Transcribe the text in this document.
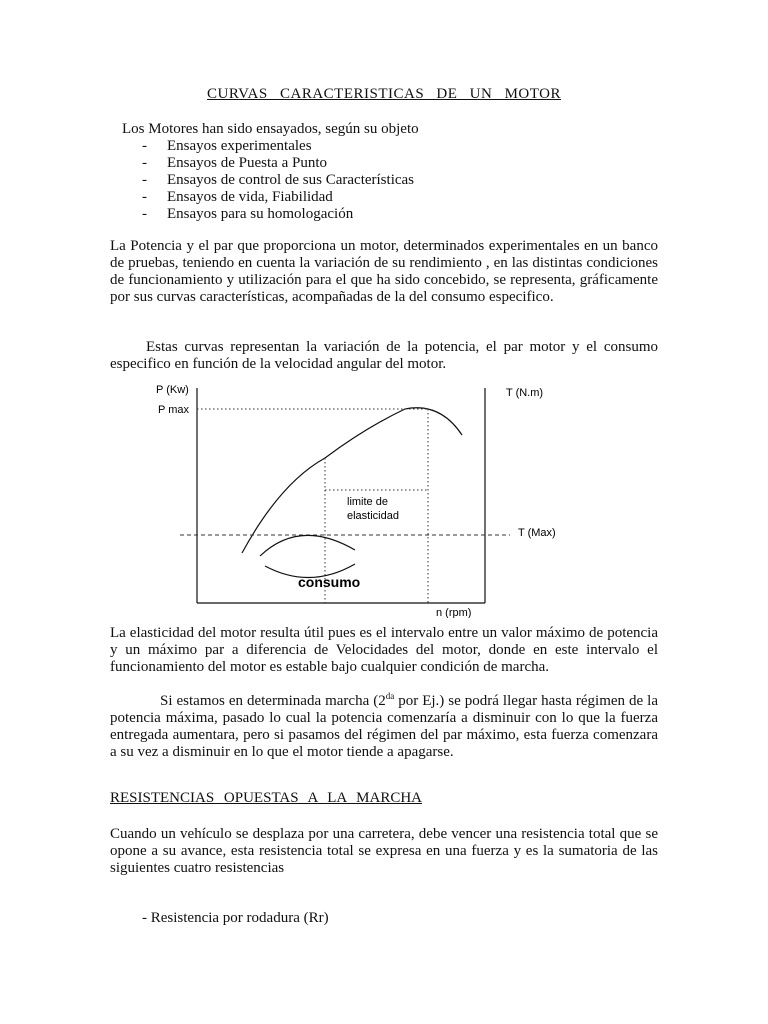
CURVAS CARACTERISTICAS DE UN MOTOR
Los Motores han sido ensayados, según su objeto
- Ensayos experimentales
- Ensayos de Puesta a Punto
- Ensayos de control de sus Características
- Ensayos de vida, Fiabilidad
- Ensayos para su homologación
La Potencia y el par que proporciona un motor, determinados experimentales en un banco de pruebas, teniendo en cuenta la variación de su rendimiento , en las distintas condiciones de funcionamiento y utilización para el que ha sido concebido, se representa, gráficamente por sus curvas características, acompañadas de la del consumo especifico.
Estas curvas representan la variación de la potencia, el par motor y el consumo especifico en función de la velocidad angular del motor.
P (Kw)
P max
T (N.m)
limite de
elasticidad
T (Max)
consumo
n (rpm)
La elasticidad del motor resulta útil pues es el intervalo entre un valor máximo de potencia y un máximo par a diferencia de Velocidades del motor, donde en este intervalo el funcionamiento del motor es estable bajo cualquier condición de marcha.
Si estamos en determinada marcha ($2^{da}$ por Ej.) se podrá llegar hasta régimen de la potencia máxima, pasado lo cual la potencia comenzaría a disminuir con lo que la fuerza entregada aumentara, pero si pasamos del régimen del par máximo, esta fuerza comenzara a su vez a disminuir en lo que el motor tiende a apagarse.
RESISTENCIAS OPUESTAS A LA MARCHA
Cuando un vehículo se desplaza por una carretera, debe vencer una resistencia total que se opone a su avance, esta resistencia total se expresa en una fuerza y es la sumatoria de las siguientes cuatro resistencias
- Resistencia por rodadura (Rr)
